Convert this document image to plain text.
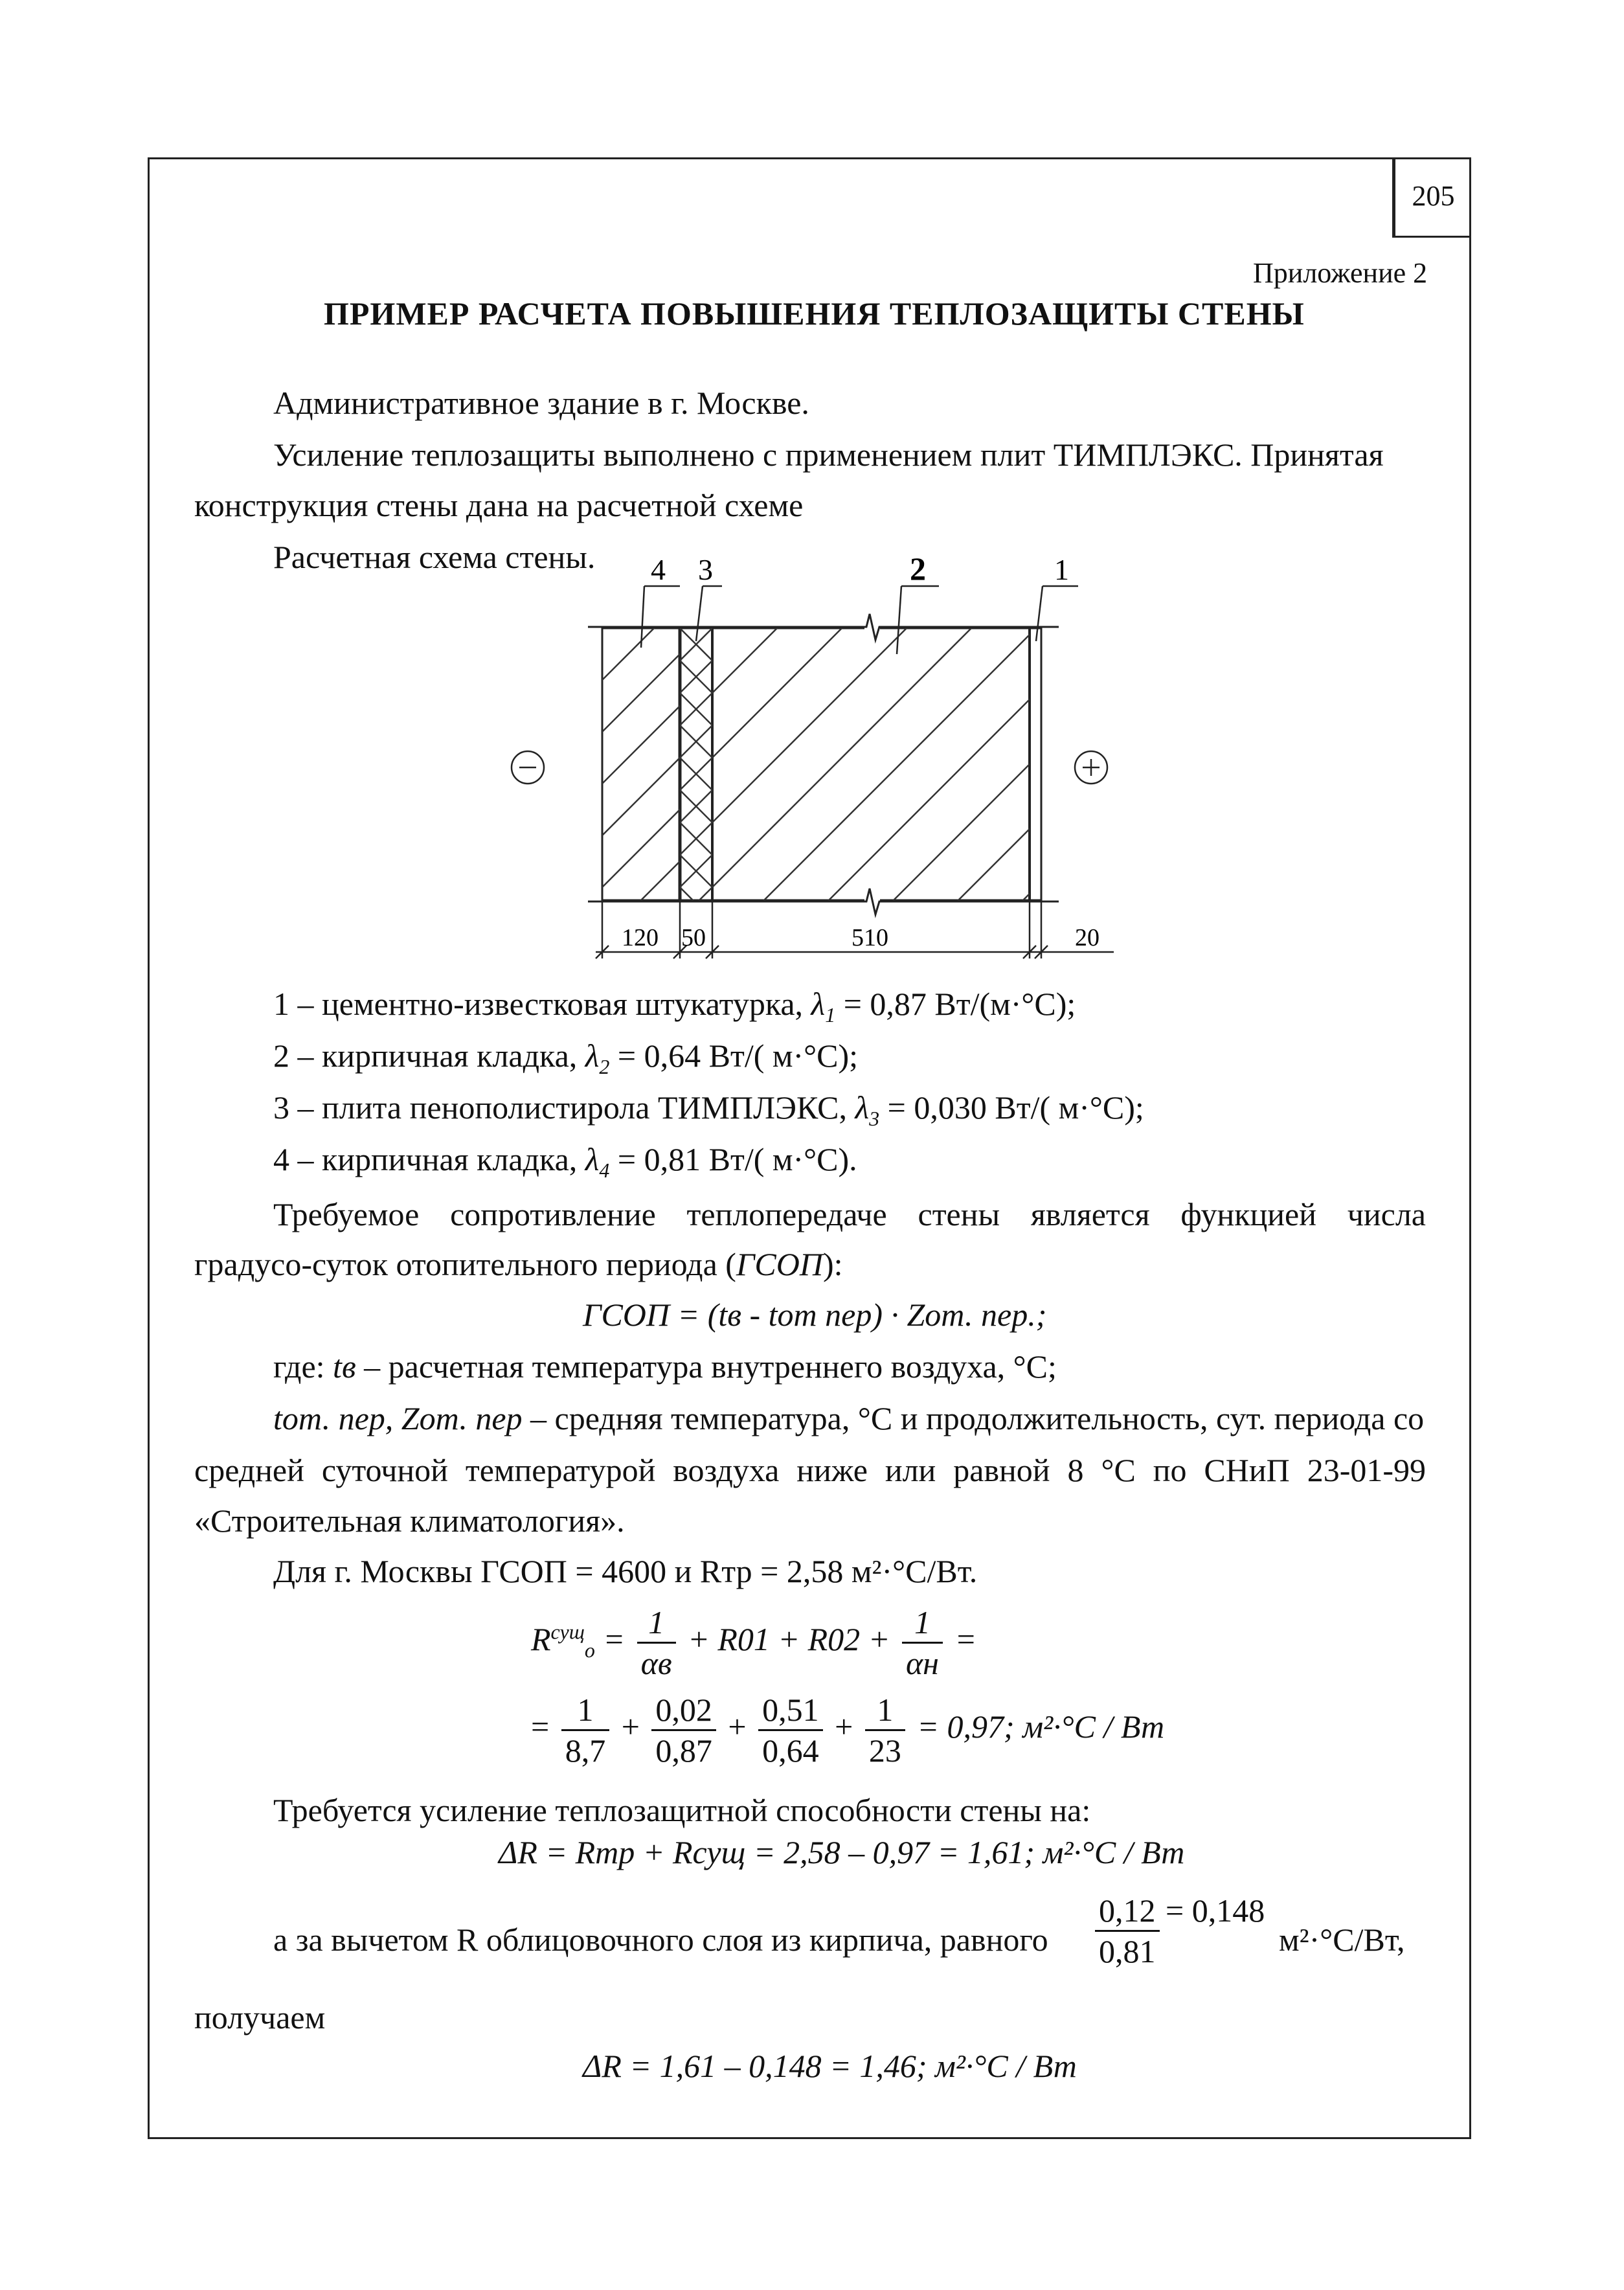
205
Приложение 2
ПРИМЕР РАСЧЕТА ПОВЫШЕНИЯ ТЕПЛОЗАЩИТЫ СТЕНЫ
Административное здание в г. Москве.
Усиление теплозащиты выполнено с применением плит ТИМПЛЭКС. Принятая
конструкция стены дана на расчетной схеме
Расчетная схема стены. 4 3	2	1
120 50	510	20
1 – цементно-известковая штукатурка, $\lambda_1 = 0,87$ Вт/(м·°С);
2 – кирпичная кладка, $\lambda_2 = 0,64$ Вт/( м·°С);
3 – плита пенополистирола ТИМПЛЭКС, $\lambda_3 = 0,030$ Вт/( м·°С);
4 – кирпичная кладка, $\lambda_4 = 0,81$ Вт/( м·°С).
Требуемое сопротивление теплопередаче стены является функцией числа
градусо-суток отопительного периода (ГСОП):
ГСОП = (tв - tот пер) · Zот. пер.;
где: tв – расчетная температура внутреннего воздуха, °С;
tот. пер, Zот. пер – средняя температура, °С и продолжительность, сут. периода со
средней суточной температурой воздуха ниже или равной 8 °С по СНиП 23-01-99
«Строительная климатология».
Для г. Москвы ГСОП = 4600 и Rтр = 2,58 м²·°С/Вт.
$R^{сущ}_о = \frac{1}{\alpha в} + R01 + R02 + \frac{1}{\alpha н}$ =
= $\frac{1}{8,7} + \frac{0,02}{0,87} + \frac{0,51}{0,64} + \frac{1}{23} = 0,97$; м²·°С / Вт
Требуется усиление теплозащитной способности стены на:
ΔR = Rтр + Rсущ = 2,58 – 0,97 = 1,61; м²·°С / Вт
а за вычетом R облицовочного слоя из кирпича, равного $\frac{0,12}{0,81} = 0,148$
м²·°С/Вт,
получаем
ΔR = 1,61 – 0,148 = 1,46; м²·°С / Вт
